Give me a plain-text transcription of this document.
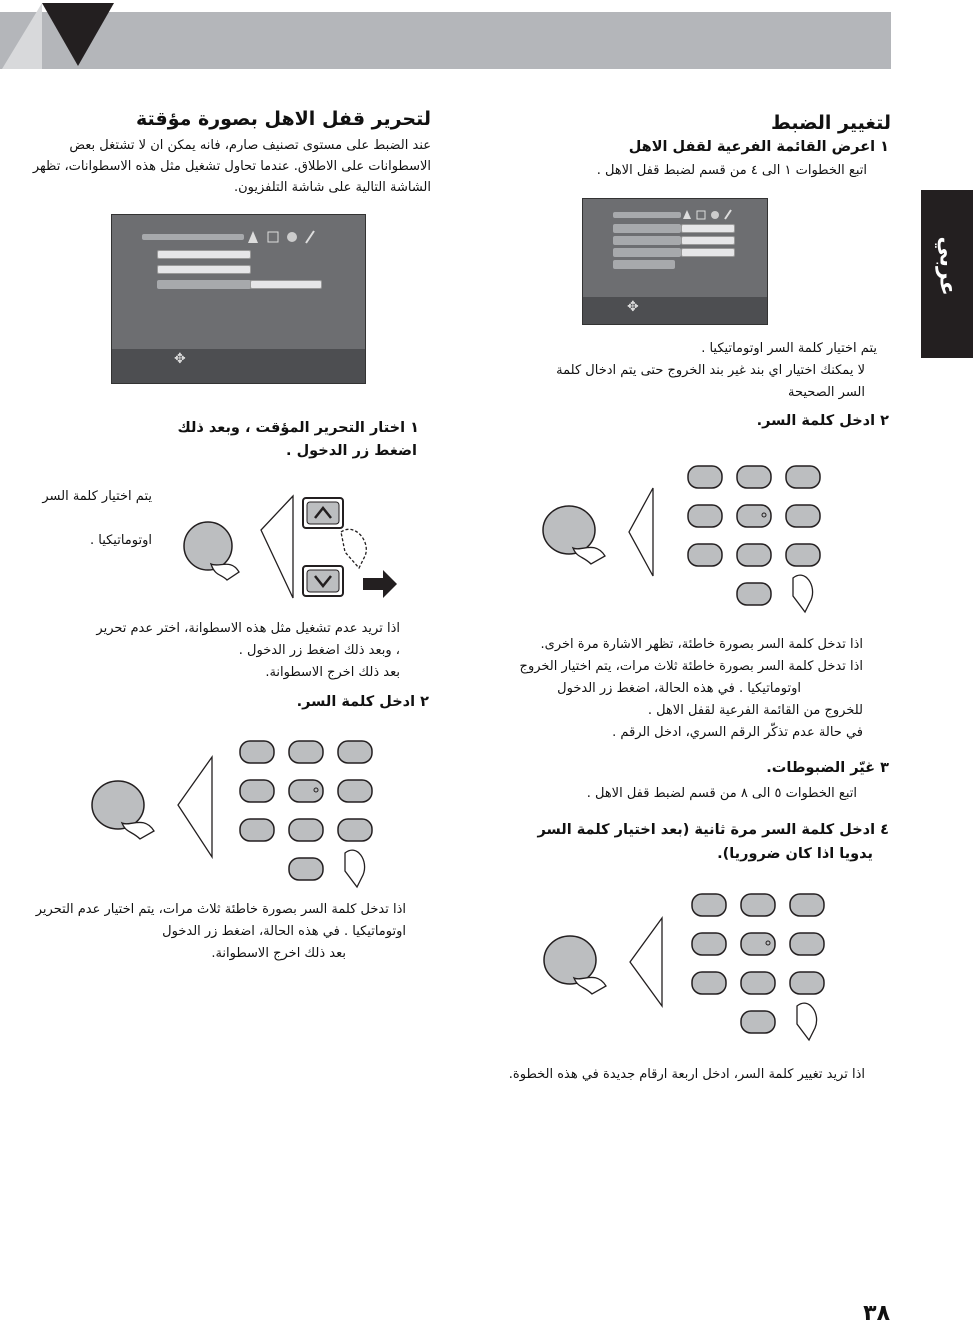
عربي
لتغيير الضبط
١ اعرض القائمة الفرعية لقفل الاهل
اتبع الخطوات ١ الى ٤ من قسم لضبط قفل الاهل .
✥
يتم اختيار كلمة السر اوتوماتيكيا .
لا يمكنك اختيار اي بند غير بند الخروج حتى يتم ادخال كلمة
السر الصحيحة
٢ ادخل كلمة السر.
اذا تدخل كلمة السر بصورة خاطئة، تظهر الاشارة مرة اخرى.
اذا تدخل كلمة السر بصورة خاطئة ثلاث مرات، يتم اختيار الخروج
اوتوماتيكيا . في هذه الحالة، اضغط زر الدخول
للخروج من القائمة الفرعية لقفل الاهل .
في حالة عدم تذكّر الرقم السري، ادخل الرقم .
٣ غيّر الضبوطات.
اتبع الخطوات ٥ الى ٨ من قسم لضبط قفل الاهل .
٤ ادخل كلمة السر مرة ثانية (بعد اختيار كلمة السر
يدويا اذا كان ضروريا).
اذا تريد تغيير كلمة السر، ادخل اربعة ارقام جديدة في هذه الخطوة.
لتحرير قفل الاهل بصورة مؤقتة
عند الضبط على مستوى تصنيف صارم، فانه يمكن ان لا تشتغل بعض
الاسطوانات على الاطلاق. عندما تحاول تشغيل مثل هذه الاسطوانات، تظهر
الشاشة التالية على شاشة التلفزيون.
✥
١ اختار التحرير المؤقت ، وبعد ذلك
اضغط زر الدخول .
يتم اختيار كلمة السر
اوتوماتيكيا .
اذا تريد عدم تشغيل مثل هذه الاسطوانة، اختر عدم تحرير
، وبعد ذلك اضغط زر الدخول .
بعد ذلك اخرج الاسطوانة.
٢ ادخل كلمة السر.
اذا تدخل كلمة السر بصورة خاطئة ثلاث مرات، يتم اختيار عدم التحرير
اوتوماتيكيا . في هذه الحالة، اضغط زر الدخول
بعد ذلك اخرج الاسطوانة.
٣٨
